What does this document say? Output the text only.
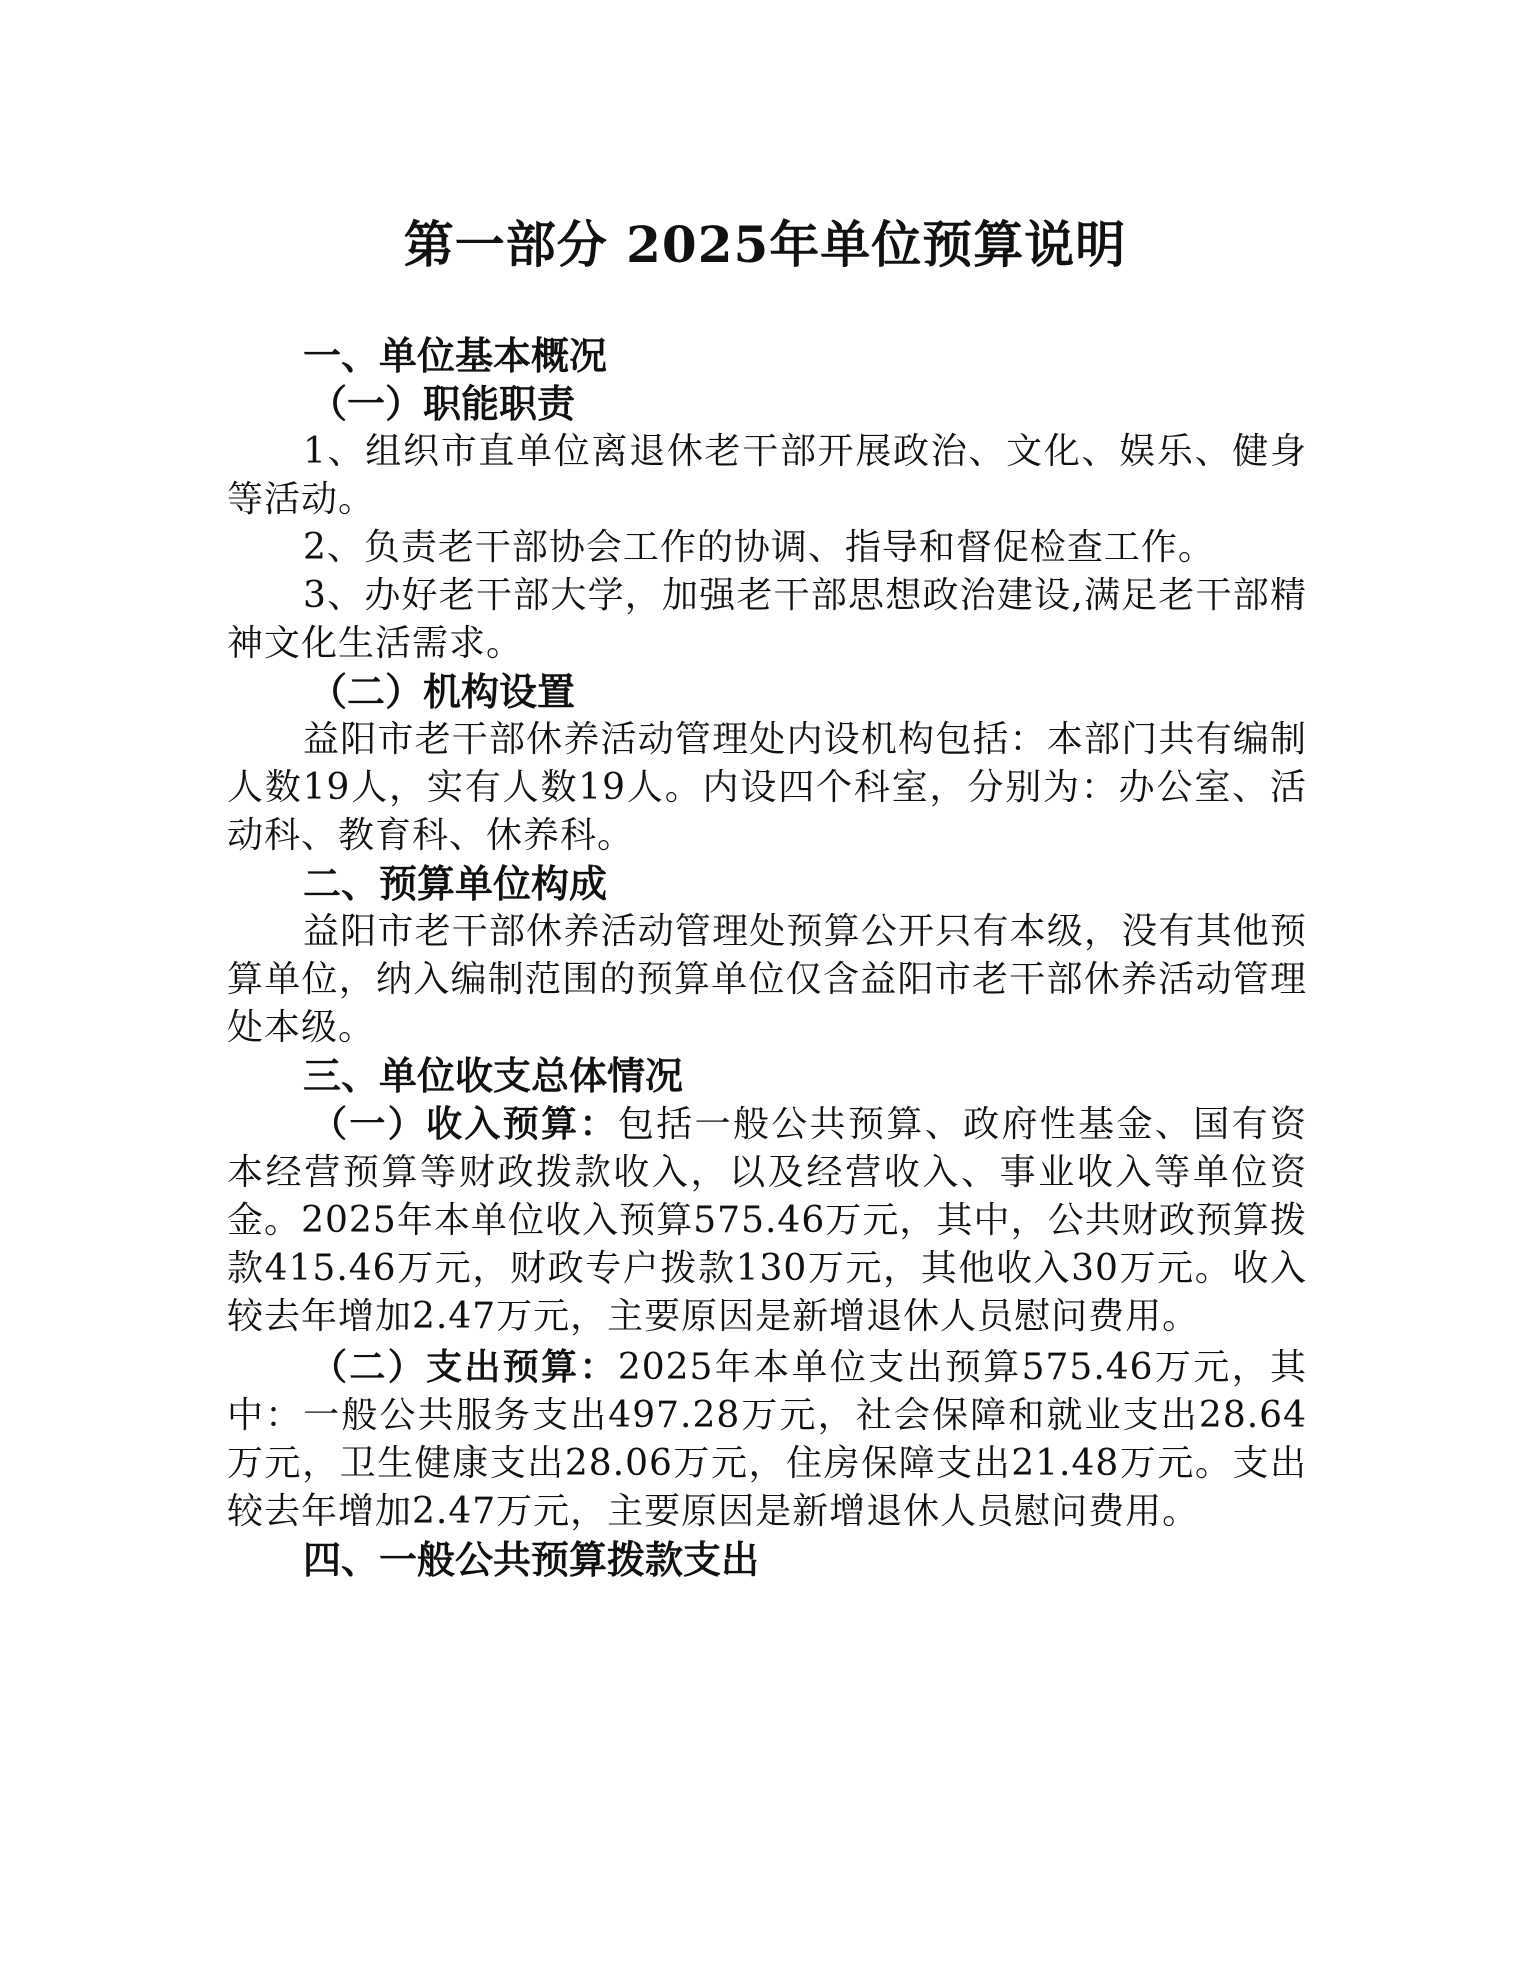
第一部分 2025年单位预算说明
一、单位基本概况
（一）职能职责

1、组织市直单位离退休老干部开展政治、文化、娱乐、健身等活动。

2、负责老干部协会工作的协调、指导和督促检查工作。

3、办好老干部大学，加强老干部思想政治建设,满足老干部精神文化生活需求。

（二）机构设置

益阳市老干部休养活动管理处内设机构包括：本部门共有编制人数19人，实有人数19人。内设四个科室，分别为：办公室、活动科、教育科、休养科。

二、预算单位构成

益阳市老干部休养活动管理处预算公开只有本级，没有其他预算单位，纳入编制范围的预算单位仅含益阳市老干部休养活动管理处本级。

三、单位收支总体情况

（一）收入预算：包括一般公共预算、政府性基金、国有资本经营预算等财政拨款收入，以及经营收入、事业收入等单位资金。2025年本单位收入预算575.46万元，其中，公共财政预算拨款415.46万元，财政专户拨款130万元，其他收入30万元。收入较去年增加2.47万元，主要原因是新增退休人员慰问费用。

（二）支出预算：2025年本单位支出预算575.46万元，其中：一般公共服务支出497.28万元，社会保障和就业支出28.64万元，卫生健康支出28.06万元，住房保障支出21.48万元。支出较去年增加2.47万元，主要原因是新增退休人员慰问费用。

四、一般公共预算拨款支出
